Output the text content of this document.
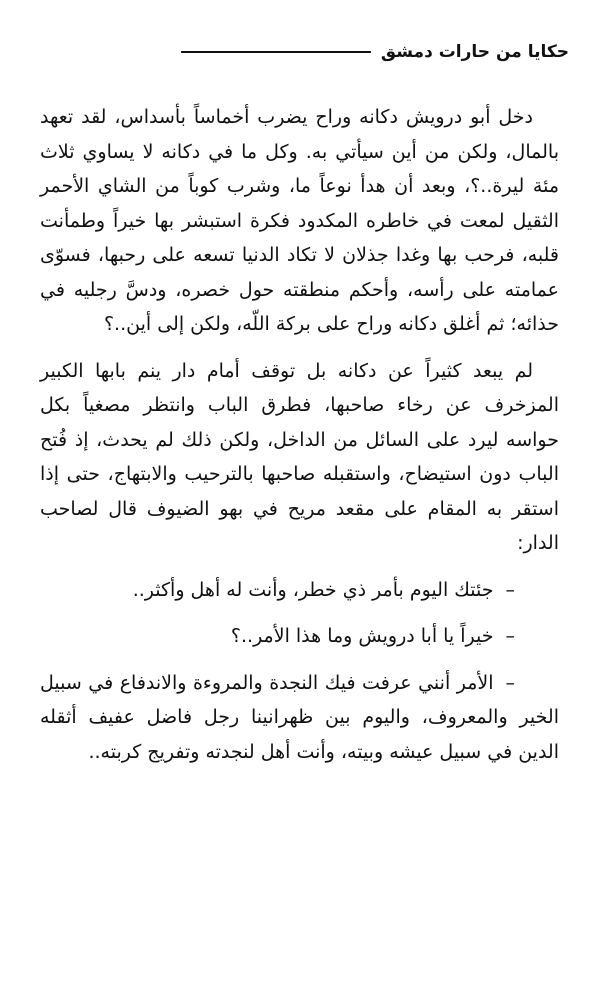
حكايا من حارات دمشق

دخل أبو درويش دكانه وراح يضرب أخماساً بأسداس، لقد تعهد بالمال، ولكن من أين سيأتي به. وكل ما في دكانه لا يساوي ثلاث مئة ليرة..؟، وبعد أن هدأ نوعاً ما، وشرب كوباً من الشاي الأحمر الثقيل لمعت في خاطره المكدود فكرة استبشر بها خيراً وطمأنت قلبه، فرحب بها وغدا جذلان لا تكاد الدنيا تسعه على رحبها، فسوّى عمامته على رأسه، وأحكم منطقته حول خصره، ودسَّ رجليه في حذائه؛ ثم أغلق دكانه وراح على بركة اللّه، ولكن إلى أين..؟

لم يبعد كثيراً عن دكانه بل توقف أمام دار ينم بابها الكبير المزخرف عن رخاء صاحبها، فطرق الباب وانتظر مصغياً بكل حواسه ليرد على السائل من الداخل، ولكن ذلك لم يحدث، إذ فُتح الباب دون استيضاح، واستقبله صاحبها بالترحيب والابتهاج، حتى إذا استقر به المقام على مقعد مريح في بهو الضيوف قال لصاحب الدار:

–جئتك اليوم بأمر ذي خطر، وأنت له أهل وأكثر..

–خيراً يا أبا درويش وما هذا الأمر..؟

–الأمر أنني عرفت فيك النجدة والمروءة والاندفاع في سبيل الخير والمعروف، واليوم بين ظهرانينا رجل فاضل عفيف أثقله الدين في سبيل عيشه وبيته، وأنت أهل لنجدته وتفريج كربته..
